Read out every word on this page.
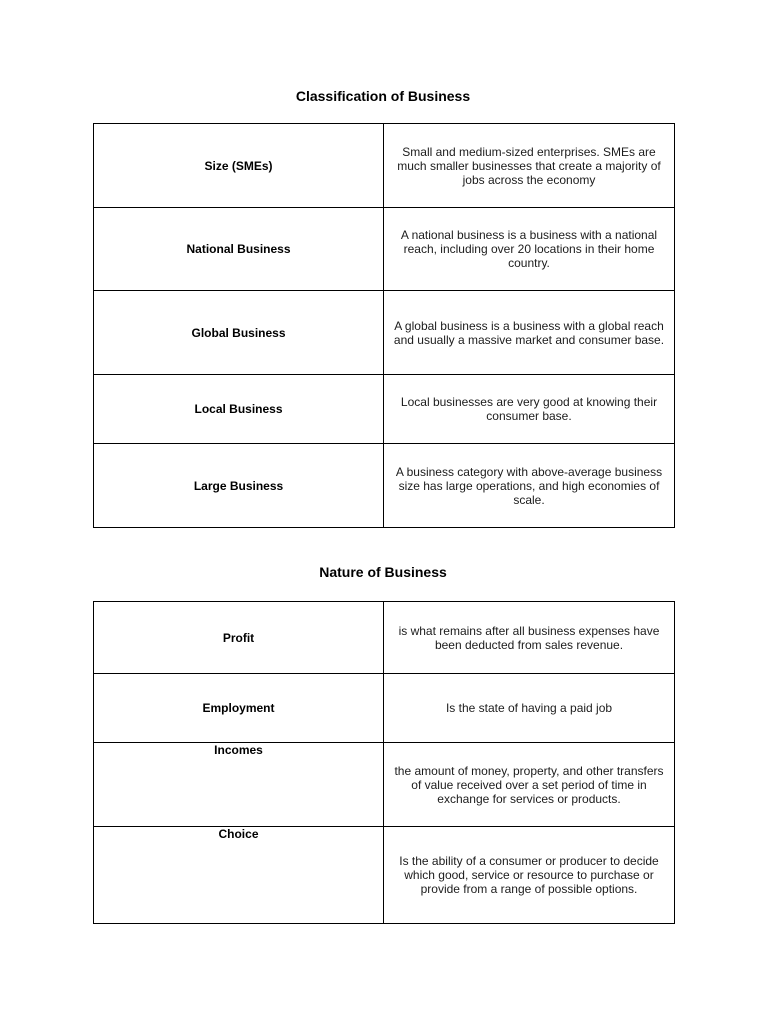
Classification of Business
Size (SMEs)	Small and medium-sized enterprises. SMEs are much smaller businesses that create a majority of jobs across the economy
National Business	A national business is a business with a national reach, including over 20 locations in their home country.
Global Business	A global business is a business with a global reach and usually a massive market and consumer base.
Local Business	Local businesses are very good at knowing their consumer base.
Large Business	A business category with above-average business size has large operations, and high economies of scale.
Nature of Business
Profit	is what remains after all business expenses have been deducted from sales revenue.
Employment	Is the state of having a paid job
Incomes	the amount of money, property, and other transfers of value received over a set period of time in exchange for services or products.
Choice	Is the ability of a consumer or producer to decide which good, service or resource to purchase or provide from a range of possible options.
